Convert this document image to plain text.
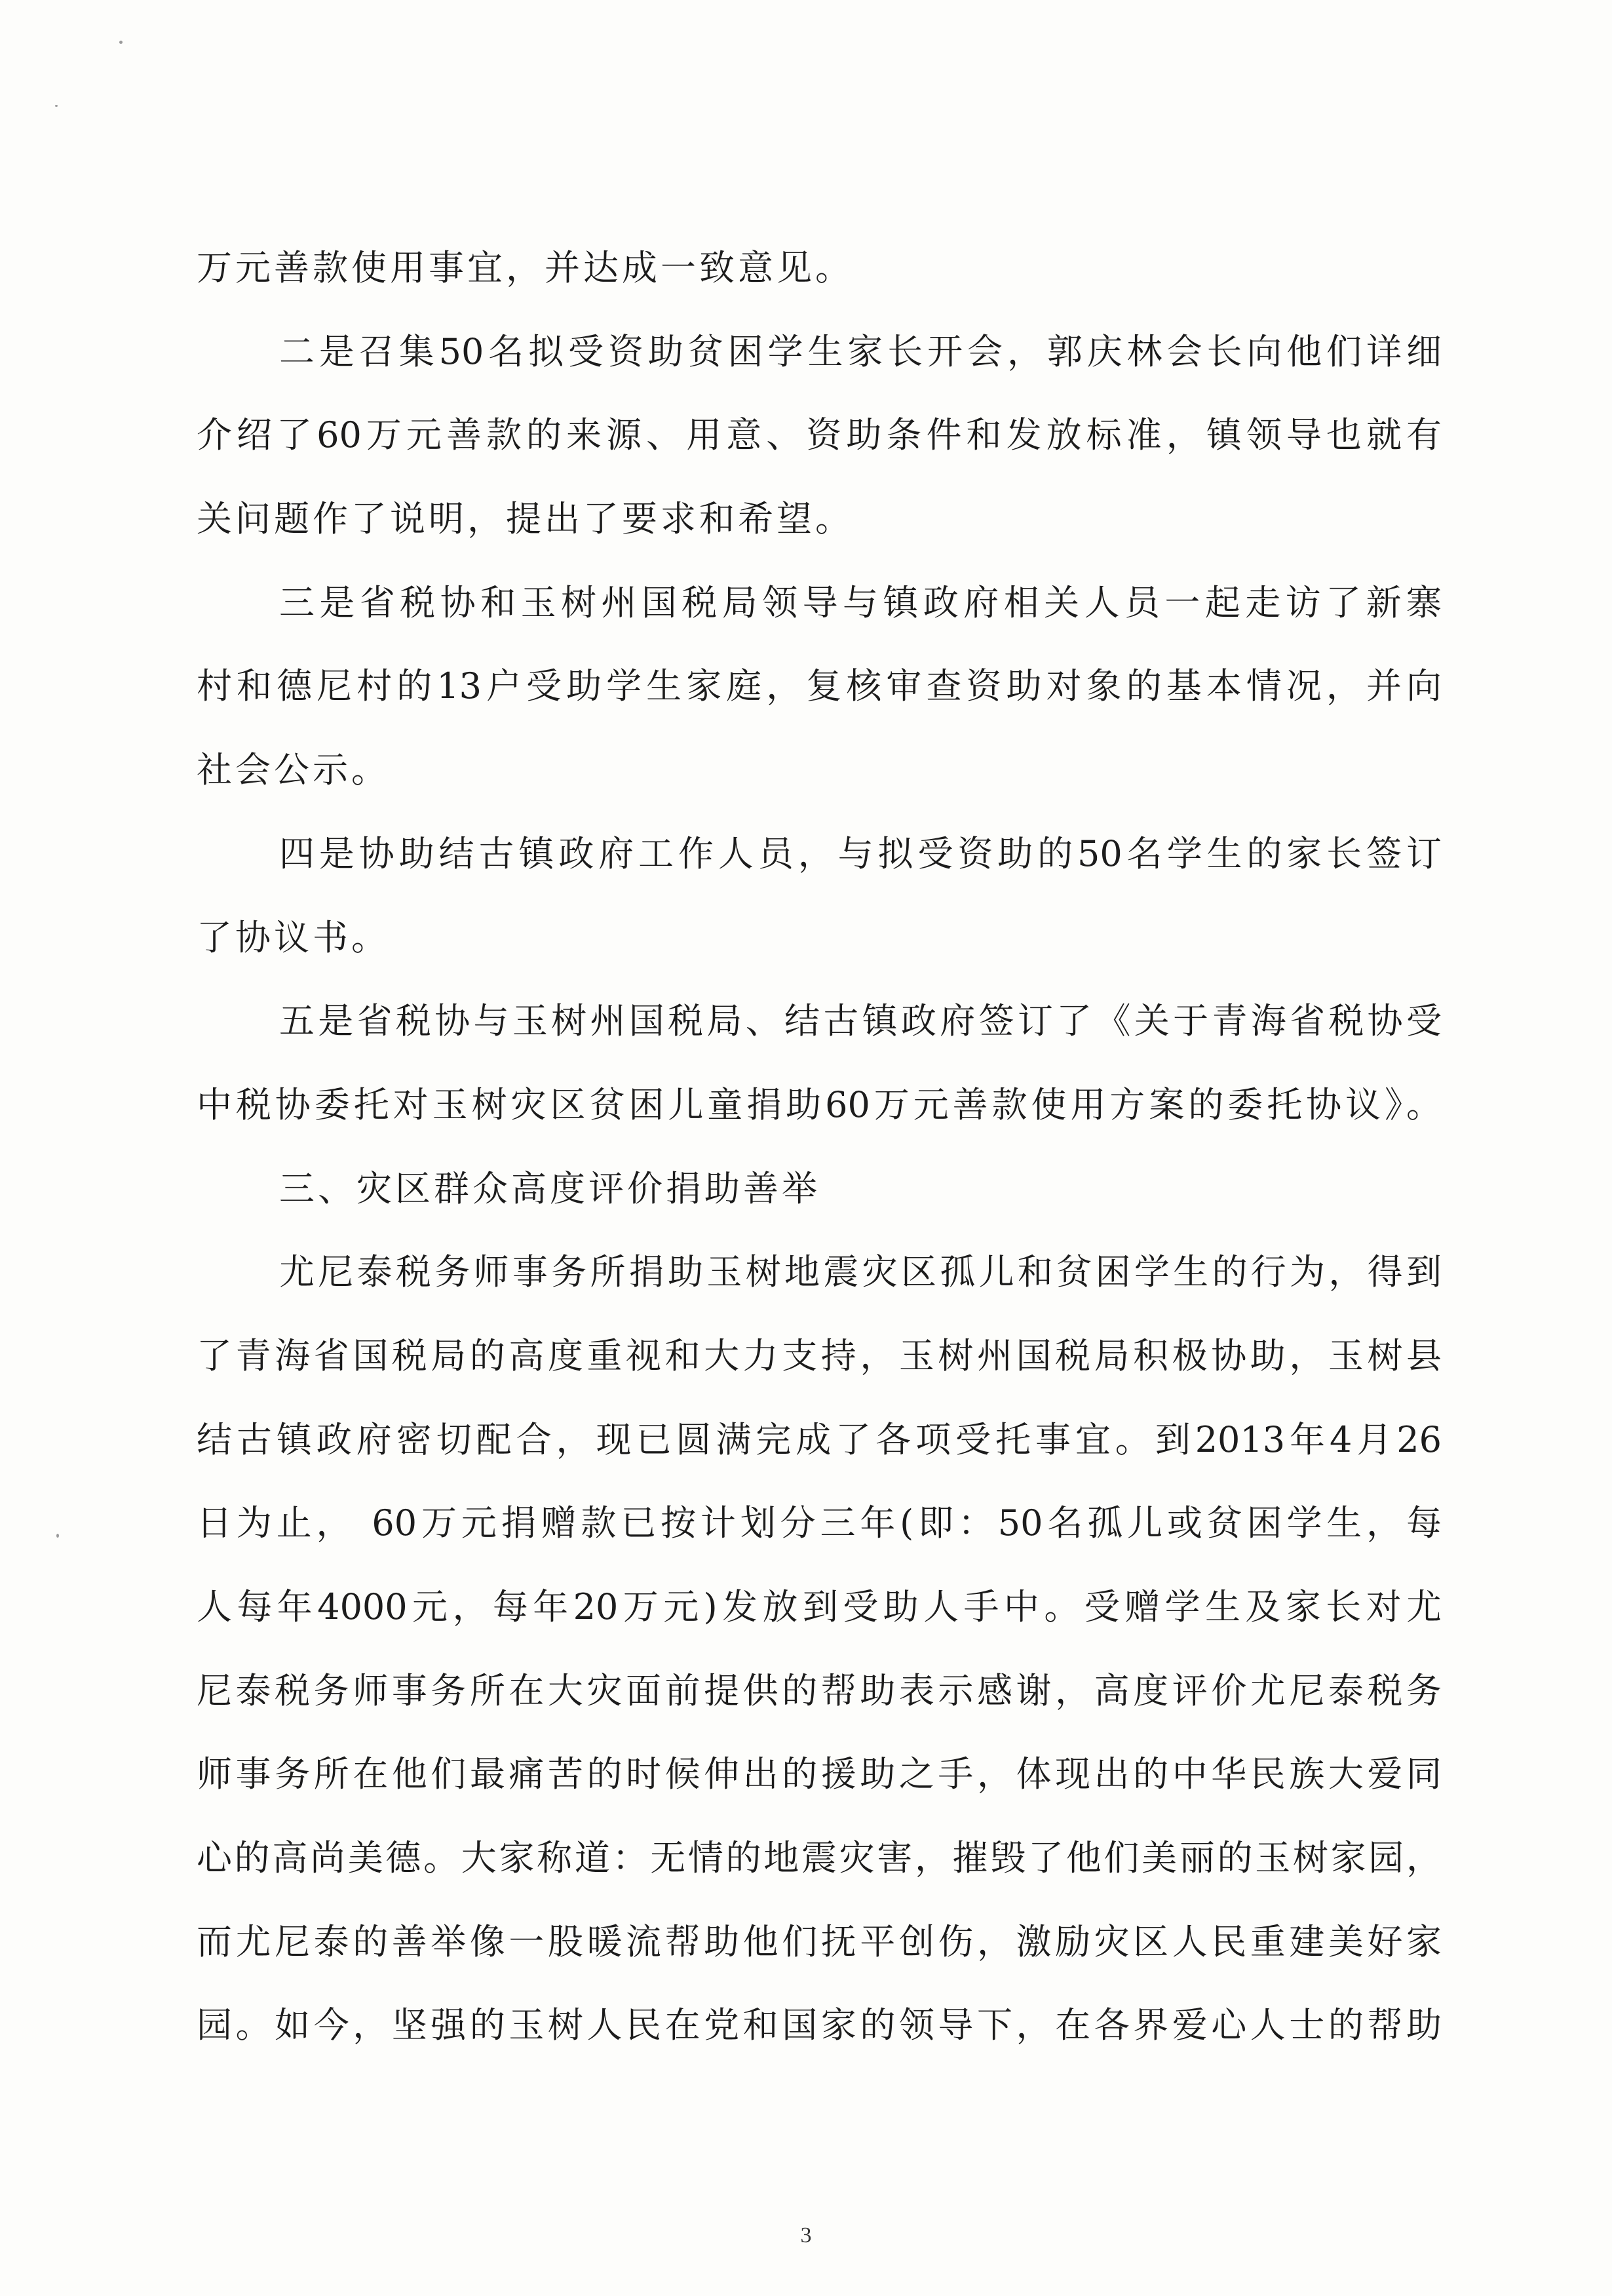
万元善款使用事宜，并达成一致意见。
二是召集50名拟受资助贫困学生家长开会，郭庆林会长向他们详细
介绍了60万元善款的来源、用意、资助条件和发放标准，镇领导也就有
关问题作了说明，提出了要求和希望。
三是省税协和玉树州国税局领导与镇政府相关人员一起走访了新寨
村和德尼村的13户受助学生家庭，复核审查资助对象的基本情况，并向
社会公示。
四是协助结古镇政府工作人员，与拟受资助的50名学生的家长签订
了协议书。
五是省税协与玉树州国税局、结古镇政府签订了《关于青海省税协受
中税协委托对玉树灾区贫困儿童捐助60万元善款使用方案的委托协议》。
三、灾区群众高度评价捐助善举
尤尼泰税务师事务所捐助玉树地震灾区孤儿和贫困学生的行为，得到
了青海省国税局的高度重视和大力支持，玉树州国税局积极协助，玉树县
结古镇政府密切配合，现已圆满完成了各项受托事宜。到2013年4月26
日为止， 60万元捐赠款已按计划分三年(即：50名孤儿或贫困学生，每
人每年4000元，每年20万元)发放到受助人手中。受赠学生及家长对尤
尼泰税务师事务所在大灾面前提供的帮助表示感谢，高度评价尤尼泰税务
师事务所在他们最痛苦的时候伸出的援助之手，体现出的中华民族大爱同
心的高尚美德。大家称道：无情的地震灾害，摧毁了他们美丽的玉树家园，
而尤尼泰的善举像一股暖流帮助他们抚平创伤，激励灾区人民重建美好家
园。如今，坚强的玉树人民在党和国家的领导下，在各界爱心人士的帮助
3
